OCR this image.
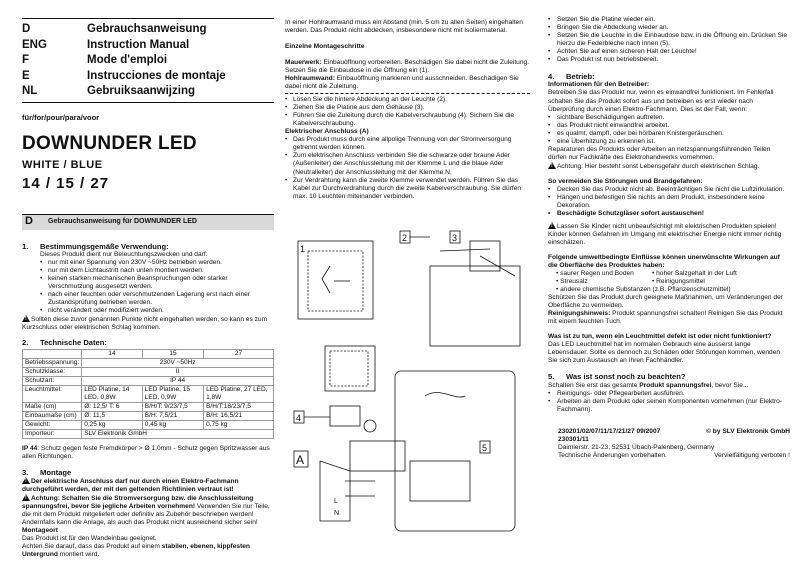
D	Gebrauchsanweisung
ENG	Instruction Manual
F	Mode d'emploi
E	Instrucciones de montaje
NL	Gebruiksaanwijzing
für/for/pour/para/voor
DOWNUNDER LED
WHITE / BLUE
14 / 15 / 27
D	Gebrauchsanweisung für DOWNUNDER LED
1.	Bestimmungsgemäße Verwendung:

Dieses Produkt dient nur Beleuchtungszwecken und darf:

• nur mit einer Spannung von 230V ~50Hz betrieben werden.
• nur mit dem Lichtaustritt nach unten montiert werden.
• keinen starken mechanischen Beanspruchungen oder starker Verschmutzung ausgesetzt werden.
• nach einer feuchten oder verschmutzenden Lagerung erst nach einer Zustandsprüfung betrieben werden.
• nicht verändert oder modifiziert werden.

!Sollten diese zuvor genannten Punkte nicht eingehalten werden, so kann es zum Kurzschluss oder elektrischen Schlag kommen.

2.	Technische Daten:
	14	15	27
Betriebsspannung:	230V ~50Hz		
Schutzklasse:	II		
Schutzart:	IP 44		
Leuchtmittel:	LED Platine, 14 LED, 0,8W	LED Platine, 15 LED, 0,9W	LED Platine, 27 LED, 1,8W
Maße (cm)	Ø: 12,5/ T: 6	B/H/T: 9/23/7,5	B/H/T:18/23/7,5
Einbaumaße (cm)	Ø: 11,5	B/H: 7,5/21	B/H: 16,5/21
Gewicht:	0,25 kg	0,45 kg	0,75 kg
Importeur:	SLV Elektronik GmbH		

IP 44: Schutz gegen feste Fremdkörper > Ø 1,0mm - Schutz gegen Spritzwasser aus allen Richtungen.

3.	Montage

!Der elektrische Anschluss darf nur durch einen Elektro-Fachmann durchgeführt werden, der mit den geltenden Richtlinien vertraut ist!

!Achtung: Schalten Sie die Stromversorgung bzw. die Anschlussleitung spannungsfrei, bevor Sie jegliche Arbeiten vornehmen! Verwenden Sie nur Teile, die mit dem Produkt mitgeliefert oder definitiv als Zubehör beschrieben werden! Andernfalls kann die Anlage, als auch das Produkt nicht ausreichend sicher sein!

Montageort

Das Produkt ist für den Wandeinbau geeignet.

Achten Sie darauf, dass das Produkt auf einem stabilen, ebenen, kippfesten Untergrund montiert wird.

In einer Hohlraumwand muss ein Abstand (min. 5 cm zu allen Seiten) eingehalten werden. Das Produkt nicht abdecken, insbesondere nicht mit Isoliermaterial.

Einzelne Montageschritte

Mauerwerk: Einbauöffnung vorbereiten. Beschädigen Sie dabei nicht die Zuleitung. Setzen Sie die Einbaudose in die Öffnung ein (1).

Hohlraumwand: Einbauöffnung markieren und ausschneiden. Beschädigen Sie dabei nicht die Zuleitung.

• Lösen Sie die hintere Abdeckung an der Leuchte (2).
• Ziehen Sie die Platine aus dem Gehäuse (3).
• Führen Sie die Zuleitung durch die Kabelverschraubung (4). Sichern Sie die Kabelverschraubung.

Elektrischer Anschluss (A)

• Das Produkt muss durch eine allpolige Trennung von der Stromversorgung getrennt werden können.
• Zum elektrischen Anschluss verbinden Sie die schwarze oder braune Ader (Außenleiter) der Anschlussleitung mit der Klemme L und die blaue Ader (Neutralleiter) der Anschlussleitung mit der Klemme N.
• Zur Verdrahtung kann die zweite Klemme verwendet werden. Führen Sie das Kabel zur Durchverdrahtung durch die zweite Kabelverschraubung. Sie dürfen max. 10 Leuchten miteinander verbinden.
1
2	3
4
5
A
L
N
• Setzen Sie die Platine wieder ein.
• Bringen Sie die Abdeckung wieder an.
• Setzen Sie die Leuchte in die Einbaudose bzw. in die Öffnung ein. Drücken Sie hierzu die Federbleche nach innen (5).
• Achten Sie auf einen sicheren Halt der Leuchte!
• Das Produkt ist nun betriebsbereit.
4.	Betrieb:

Informationen für den Betreiber:

Betreiben Sie das Produkt nur, wenn es einwandfrei funktioniert. Im Fehlerfall schalten Sie das Produkt sofort aus und betreiben es erst wieder nach Überprüfung durch einen Elektro-Fachmann. Dies ist der Fall, wenn:

• sichtbare Beschädigungen auftreten.
• das Produkt nicht einwandfrei arbeitet.
• es qualmt, dampft, oder bei hörbaren Knistergeräuschen.
• eine Überhitzung zu erkennen ist.

Reparaturen des Produkts oder Arbeiten an netzspannungsführenden Teilen dürfen nur Fachkräfte des Elektrohandwerks vornehmen.

!Achtung: Hier besteht sonst Lebensgefahr durch elektrischen Schlag.

So vermeiden Sie Störungen und Brandgefahren:

• Decken Sie das Produkt nicht ab. Beeinträchtigen Sie nicht die Luftzirkulation.
• Hängen und befestigen Sie nichts an dem Produkt, insbesondere keine Dekoration.
• Beschädigte Schutzgläser sofort austauschen!

!Lassen Sie Kinder nicht unbeaufsichtigt mit elektrischen Produkten spielen! Kinder können Gefahren im Umgang mit elektrischer Energie nicht immer richtig einschätzen.

Folgende umweltbedingte Einflüsse können unerwünschte Wirkungen auf die Oberfläche des Produktes haben:

• saurer Regen und Boden
• Streusalz
• hoher Salzgehalt in der Luft
• Reinigungsmittel
• andere chemische Substanzen (z.B. Pflanzenschutzmittel)

Schützen Sie das Produkt durch geeignete Maßnahmen, um Veränderungen der Oberfläche zu vermeiden.

Reinigungshinweis: Produkt spannungsfrei schalten! Reinigen Sie das Produkt mit einem feuchten Tuch.

Was ist zu tun, wenn ein Leuchtmittel defekt ist oder nicht funktioniert?

Das LED Leuchtmittel hat im normalen Gebrauch eine äusserst lange Lebensdauer. Sollte es dennoch zu Schäden oder Störungen kommen, wenden Sie sich zum Austausch an Ihren Fachhändler.

5.	Was ist sonst noch zu beachten?

Schalten Sie erst das gesamte Produkt spannungsfrei, bevor Sie...

• Reinigungs- oder Pflegearbeiten ausführen.
• Arbeiten an dem Produkt oder seinen Komponenten vornehmen (nur Elektro-Fachmann).
230201/02/07/11/17/21/27 09/2007	© by SLV Elektronik GmbH
230301/11
Daimlerstr. 21-23, 52531 Übach-Palenberg, Germany
Technische Änderungen vorbehalten.	Vervielfältigung verboten !
